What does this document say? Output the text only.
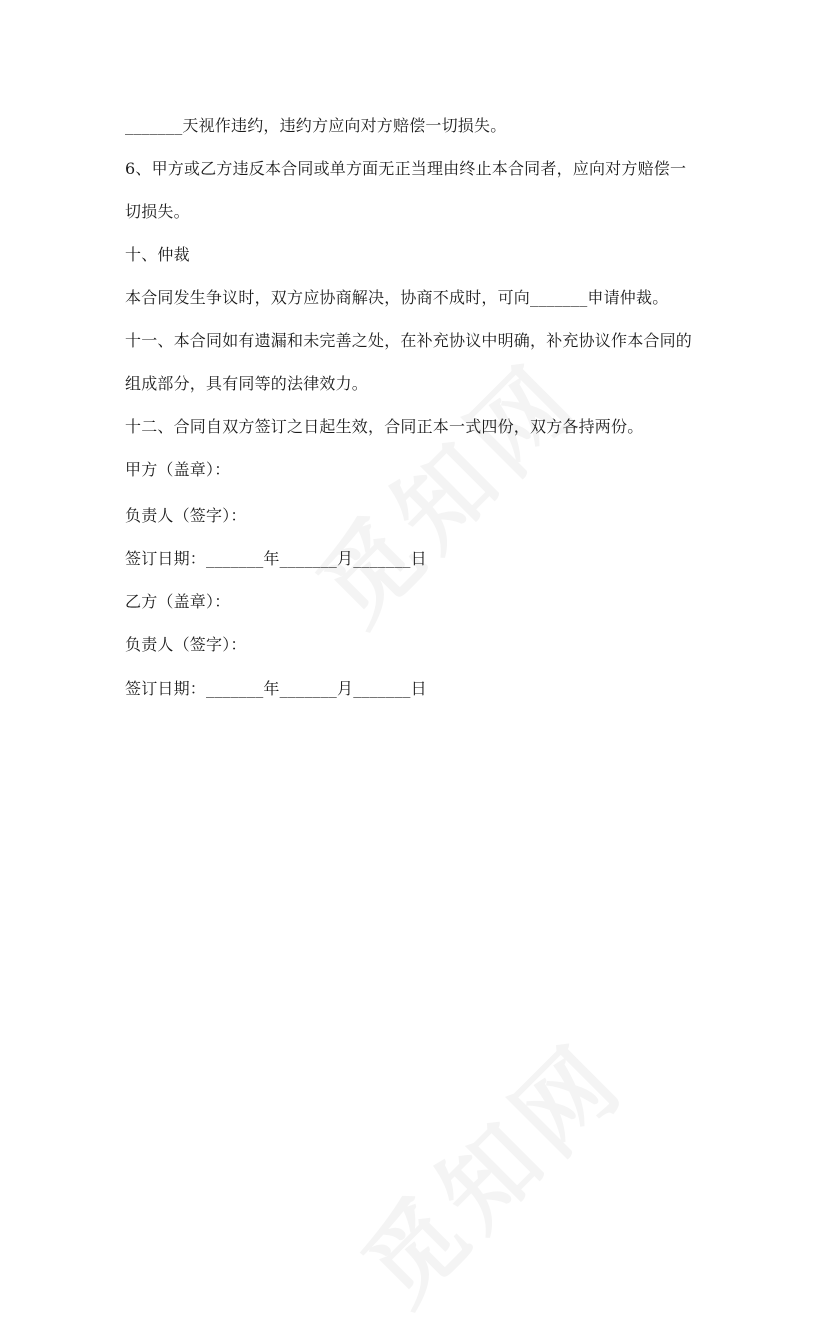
_______天视作违约，违约方应向对方赔偿一切损失。
6、甲方或乙方违反本合同或单方面无正当理由终止本合同者，应向对方赔偿一
切损失。
十、仲裁
本合同发生争议时，双方应协商解决，协商不成时，可向_______申请仲裁。
十一、本合同如有遗漏和未完善之处，在补充协议中明确，补充协议作本合同的
组成部分，具有同等的法律效力。
十二、合同自双方签订之日起生效，合同正本一式四份，双方各持两份。
甲方（盖章）：
负责人（签字）：
签订日期：_______年_______月_______日
乙方（盖章）：
负责人（签字）：
签订日期：_______年_______月_______日
